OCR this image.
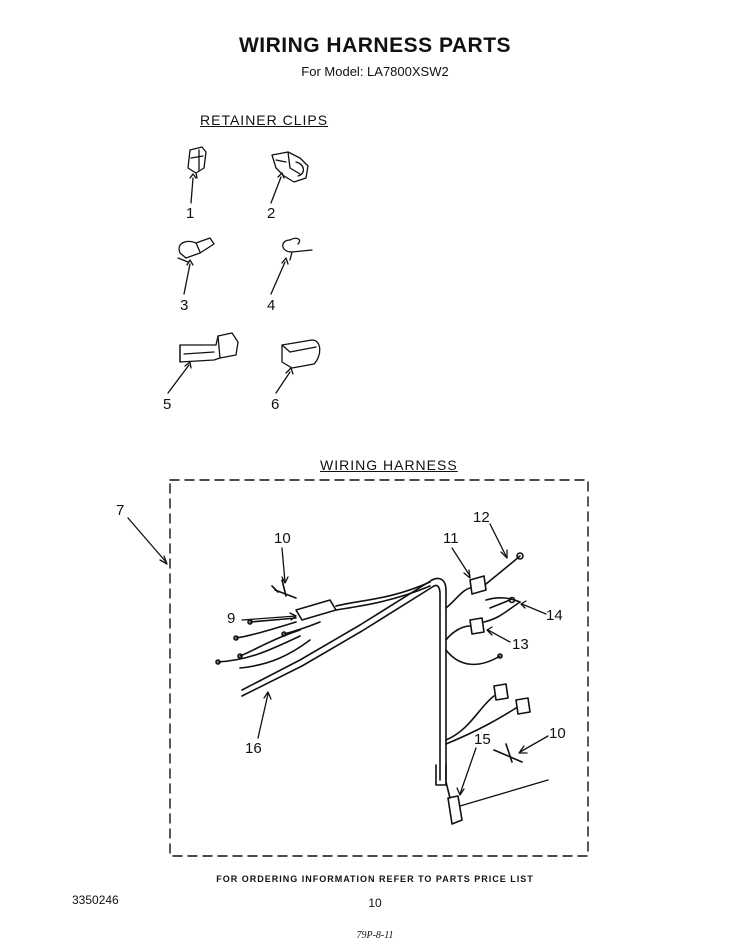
WIRING HARNESS PARTS
For Model: LA7800XSW2
RETAINER CLIPS
WIRING HARNESS
1	2
3	4
5	6
7
9
10	11
12
13
14
15
16
10
FOR ORDERING INFORMATION REFER TO PARTS PRICE LIST
3350246	10
79P-8-11
